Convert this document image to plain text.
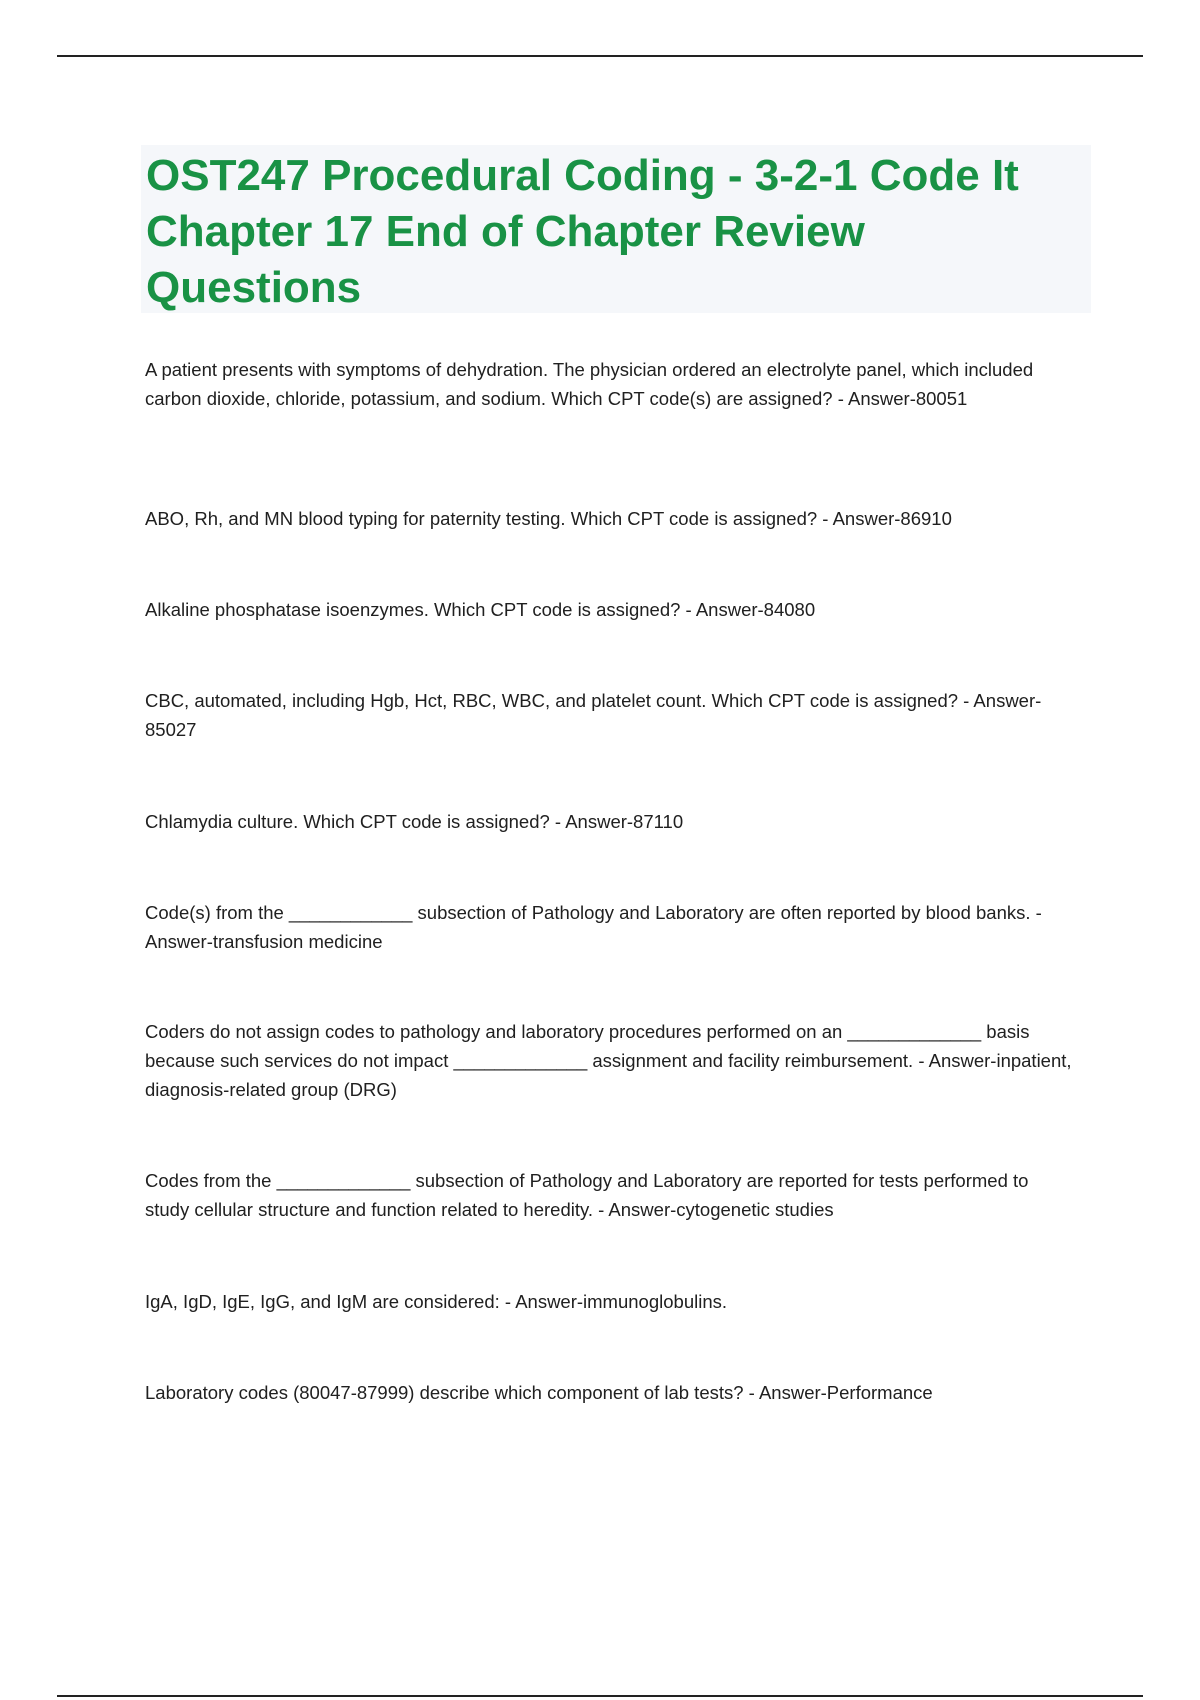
OST247 Procedural Coding - 3-2-1 Code It Chapter 17 End of Chapter Review Questions

A patient presents with symptoms of dehydration. The physician ordered an electrolyte panel, which included carbon dioxide, chloride, potassium, and sodium. Which CPT code(s) are assigned? - Answer-80051

ABO, Rh, and MN blood typing for paternity testing. Which CPT code is assigned? - Answer-86910

Alkaline phosphatase isoenzymes. Which CPT code is assigned? - Answer-84080

CBC, automated, including Hgb, Hct, RBC, WBC, and platelet count. Which CPT code is assigned? - Answer-85027

Chlamydia culture. Which CPT code is assigned? - Answer-87110

Code(s) from the ____________ subsection of Pathology and Laboratory are often reported by blood banks. - Answer-transfusion medicine

Coders do not assign codes to pathology and laboratory procedures performed on an _____________ basis because such services do not impact _____________ assignment and facility reimbursement. - Answer-inpatient, diagnosis-related group (DRG)

Codes from the _____________ subsection of Pathology and Laboratory are reported for tests performed to study cellular structure and function related to heredity. - Answer-cytogenetic studies

IgA, IgD, IgE, IgG, and IgM are considered: - Answer-immunoglobulins.

Laboratory codes (80047-87999) describe which component of lab tests? - Answer-Performance
